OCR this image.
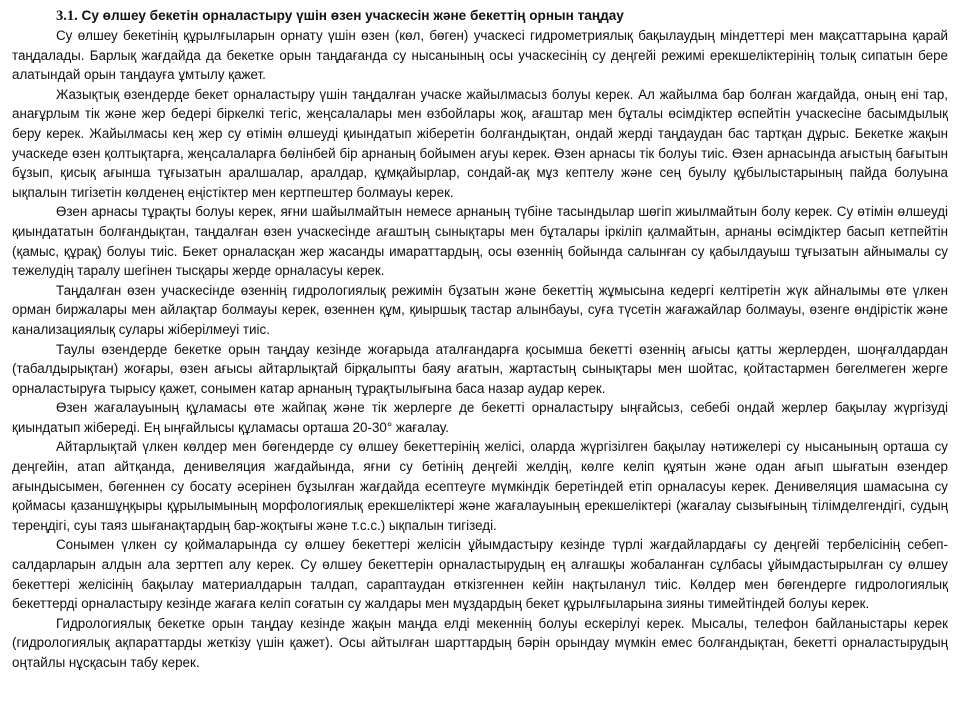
3.1. Су өлшеу бекетін орналастыру үшін өзен учаскесін және бекеттің орнын таңдау

Су өлшеу бекетінің құрылғыларын орнату үшін өзен (көл, бөген) учаскесі гидрометриялық бақылаудың міндеттері мен мақсаттарына қарай таңдалады. Барлық жағдайда да бекетке орын таңдағанда су нысанының осы учаскесінің су деңгейі режимі ерекшеліктерінің толық сипатын бере алатындай орын таңдауға ұмтылу қажет.

Жазықтық өзендерде бекет орналастыру үшін таңдалған учаске жайылмасыз болуы керек. Ал жайылма бар болған жағдайда, оның ені тар, анағұрлым тік және жер бедері біркелкі тегіс, жеңсалалары мен өзбойлары жоқ, ағаштар мен бұталы өсімдіктер өспейтін учаскесіне басымдылық беру керек. Жайылмасы кең жер су өтімін өлшеуді қиындатып жіберетін болғандықтан, ондай жерді таңдаудан бас тартқан дұрыс. Бекетке жақын учаскеде өзен қолтықтарға, жеңсалаларға бөлінбей бір арнаның бойымен ағуы керек. Өзен арнасы тік болуы тиіс. Өзен арнасында ағыстың бағытын бұзып, қисық ағынша тұғызатын аралшалар, аралдар, құмқайырлар, сондай-ақ мұз кептелу және сең буылу құбылыстарының пайда болуына ықпалын тигізетін көлденең еңістіктер мен кертпештер болмауы керек.

Өзен арнасы тұрақты болуы керек, яғни шайылмайтын немесе арнаның түбіне тасындылар шөгіп жиылмайтын болу керек. Су өтімін өлшеуді қиындататын болғандықтан, таңдалған өзен учаскесінде ағаштың сынықтары мен бұталары іркіліп қалмайтын, арнаны өсімдіктер басып кетпейтін (қамыс, құрақ) болуы тиіс. Бекет орналасқан жер жасанды имараттардың, осы өзеннің бойында салынған су қабылдауыш тұғызатын айнымалы су тежелудің таралу шегінен тысқары жерде орналасуы керек.

Таңдалған өзен учаскесінде өзеннің гидрологиялық режимін бұзатын және бекеттің жұмысына кедергі келтіретін жүк айналымы өте үлкен орман биржалары мен айлақтар болмауы керек, өзеннен құм, қиыршық тастар алынбауы, суға түсетін жағажайлар болмауы, өзенге өндірістік және канализациялық сулары жіберілмеуі тиіс.

Таулы өзендерде бекетке орын таңдау кезінде жоғарыда аталғандарға қосымша бекетті өзеннің ағысы қатты жерлерден, шоңғалдардан (табалдырықтан) жоғары, өзен ағысы айтарлықтай бірқалыпты баяу ағатын, жартастың сынықтары мен шойтас, қойтастармен бөгелмеген жерге орналастыруға тырысу қажет, сонымен катар арнаның тұрақтылығына баса назар аудар керек.

Өзен жағалауының құламасы өте жайпақ және тік жерлерге де бекетті орналастыру ыңғайсыз, себебі ондай жерлер бақылау жүргізуді қиындатып жібереді. Ең ыңғайлысы құламасы орташа 20-30° жағалау.

Айтарлықтай үлкен көлдер мен бөгендерде су өлшеу бекеттерінің желісі, оларда жүргізілген бақылау нәтижелері су нысанының орташа су деңгейін, атап айтқанда, денивеляция жағдайында, яғни су бетінің деңгейі желдің, көлге келіп құятын және одан ағып шығатын өзендер ағындысымен, бөгеннен су босату әсерінен бұзылған жағдайда есептеуге мүмкіндік беретіндей етіп орналасуы керек. Денивеляция шамасына су қоймасы қазаншұңқыры құрылымының морфологиялық ерекшеліктері және жағалауының ерекшеліктері (жағалау сызығының тілімделгендігі, судың тереңдігі, суы таяз шығанақтардың бар-жоқтығы және т.с.с.) ықпалын тигізеді.

Сонымен үлкен су қоймаларында су өлшеу бекеттері желісін ұйымдастыру кезінде түрлі жағдайлардағы су деңгейі тербелісінің себеп-салдарларын алдын ала зерттеп алу керек. Су өлшеу бекеттерін орналастырудың ең алғашқы жобаланған сұлбасы ұйымдастырылған су өлшеу бекеттері желісінің бақылау материалдарын талдап, сараптаудан өткізгеннен кейін нақтыланул тиіс. Көлдер мен бөгендерге гидрологиялық бекеттерді орналастыру кезінде жағаға келіп соғатын су жалдары мен мұздардың бекет құрылғыларына зияны тимейтіндей болуы керек.

Гидрологиялық бекетке орын таңдау кезінде жақын маңда елді мекеннің болуы ескерілуі керек. Мысалы, телефон байланыстары керек (гидрологиялық ақпараттарды жеткізу үшін қажет). Осы айтылған шарттардың бәрін орындау мүмкін емес болғандықтан, бекетті орналастырудың оңтайлы нұсқасын табу керек.
